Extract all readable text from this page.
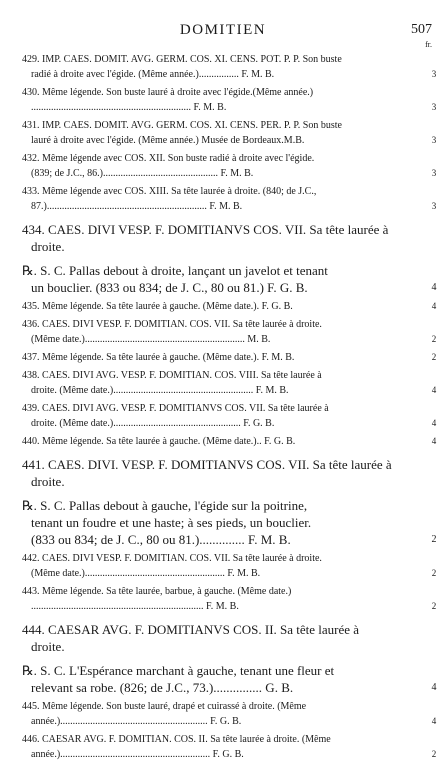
DOMITIEN	507
fr.
429. IMP. CAES. DOMIT. AVG. GERM. COS. XI. CENS. POT. P. P. Son buste
radié à droite avec l'égide. (Même année.)................ F. M. B.	3
430. Même légende. Son buste lauré à droite avec l'égide.(Même année.)
................................................................ F. M. B.	3
431. IMP. CAES. DOMIT. AVG. GERM. COS. XI. CENS. PER. P. P. Son buste
lauré à droite avec l'égide. (Même année.) Musée de Bordeaux.M.B.	3
432. Même légende avec COS. XII. Son buste radié à droite avec l'égide.
(839; de J.C., 86.).............................................. F. M. B.	3
433. Même légende avec COS. XIII. Sa tête laurée à droite. (840; de J.C.,
87.)................................................................ F. M. B.	3
434. CAES. DIVI VESP. F. DOMITIANVS COS. VII. Sa tête laurée à
droite.
℞. S. C. Pallas debout à droite, lançant un javelot et tenant
un bouclier. (833 ou 834; de J. C., 80 ou 81.) F. G. B.	4
435. Même légende. Sa tête laurée à gauche. (Même date.). F. G. B.	4
436. CAES. DIVI VESP. F. DOMITIAN. COS. VII. Sa tête laurée à droite.
(Même date.)................................................................ M. B.	2
437. Même légende. Sa tête laurée à gauche. (Même date.). F. M. B.	2
438. CAES. DIVI AVG. VESP. F. DOMITIAN. COS. VIII. Sa tête laurée à
droite. (Même date.)........................................................ F. M. B.	4
439. CAES. DIVI AVG. VESP. F. DOMITIANVS COS. VII. Sa tête laurée à
droite. (Même date.)................................................... F. G. B.	4
440. Même légende. Sa tête laurée à gauche. (Même date.).. F. G. B.	4
441. CAES. DIVI. VESP. F. DOMITIANVS COS. VII. Sa tête laurée à
droite.
℞. S. C. Pallas debout à gauche, l'égide sur la poitrine,
tenant un foudre et une haste; à ses pieds, un bouclier.
(833 ou 834; de J. C., 80 ou 81.).............. F. M. B.	2
442. CAES. DIVI VESP. F. DOMITIAN. COS. VII. Sa tête laurée à droite.
(Même date.)........................................................ F. M. B.	2
443. Même légende. Sa tête laurée, barbue, à gauche. (Même date.)
..................................................................... F. M. B.	2
444. CAESAR AVG. F. DOMITIANVS COS. II. Sa tête laurée à
droite.
℞. S. C. L'Espérance marchant à gauche, tenant une fleur et
relevant sa robe. (826; de J.C., 73.)............... G. B.	4
445. Même légende. Son buste lauré, drapé et cuirassé à droite. (Même
année.)........................................................... F. G. B.	4
446. CAESAR AVG. F. DOMITIAN. COS. II. Sa tête laurée à droite. (Même
année.)............................................................ F. G. B.	2
